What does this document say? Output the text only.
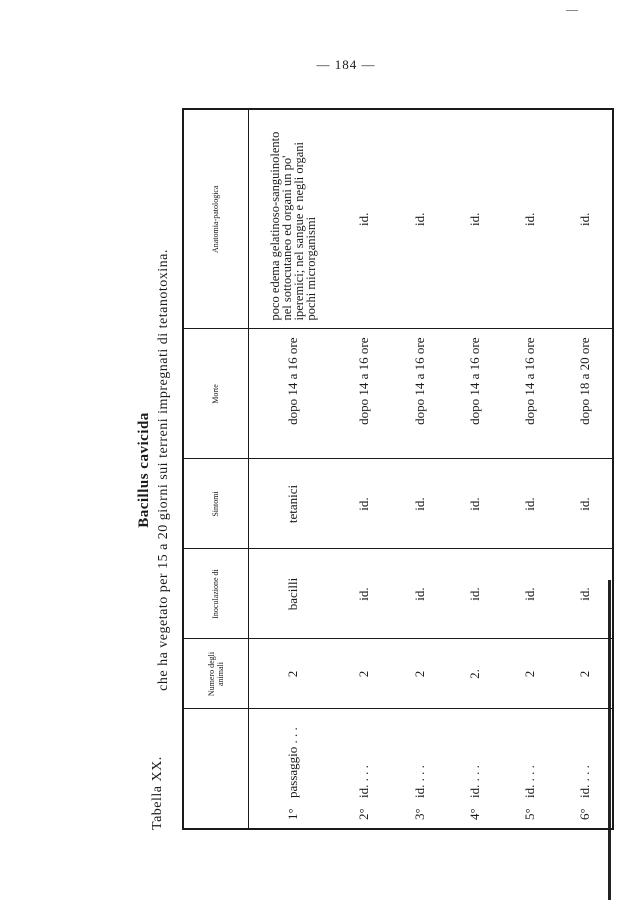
— 184 —
Tabella XX.
Bacillus cavicida che ha vegetato per 15 a 20 giorni sui terreni impregnati di tetanotoxina.
		Numero degli animali	Inoculazione di	Sintomi	Morte	Anatomia-patologica
1°passaggio . . .	2	bacilli	tetanici	dopo 14 a 16 ore	poco edema gelatinoso-sanguinolento nel sottocutaneo ed organi un po' iperemici; nel sangue e negli organi pochi microrganismi

2°id. . . .	2	id.	id.	dopo 14 a 16 ore	id.
3°id. . . .	2	id.	id.	dopo 14 a 16 ore	id.
4°id. . . .	2.	id.	id.	dopo 14 a 16 ore	id.
5°id. . . .	2	id.	id.	dopo 14 a 16 ore	id.
6°id. . . .	2	id.	id.	dopo 18 a 20 ore	id.
